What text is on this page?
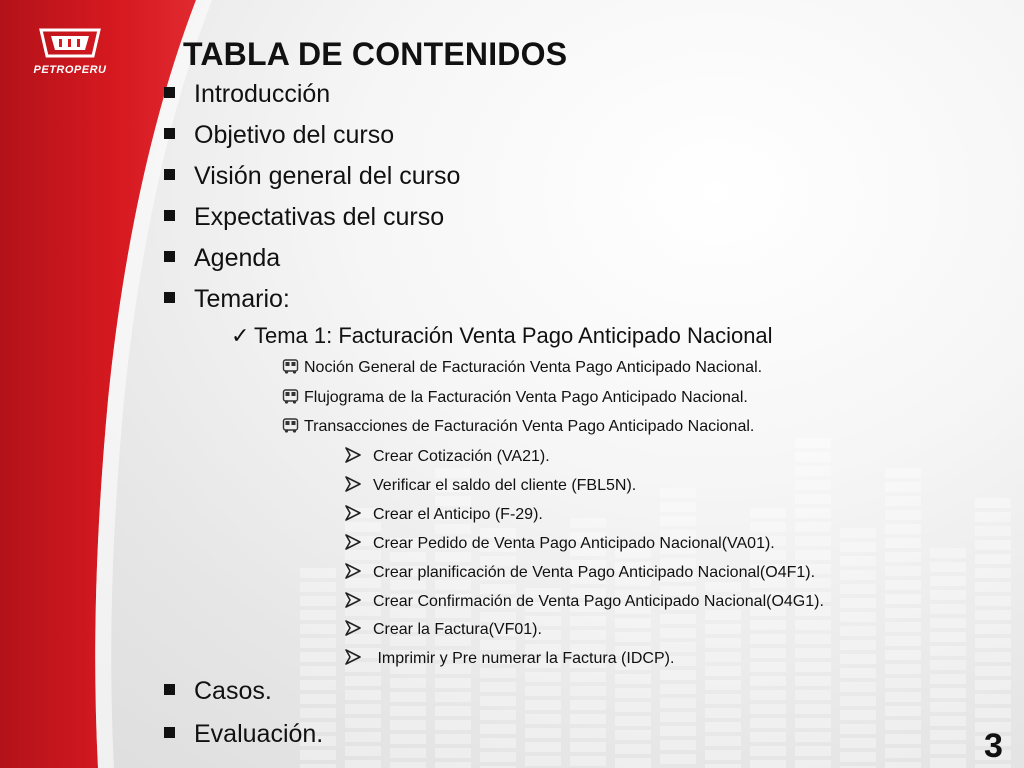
PETROPERU	TABLA DE CONTENIDOS
Introducción
Objetivo del curso
Visión general del curso
Expectativas del curso
Agenda
Temario:
✓ Tema 1: Facturación Venta Pago Anticipado Nacional
Noción General de Facturación Venta Pago Anticipado Nacional.
Flujograma de la Facturación Venta Pago Anticipado Nacional.
Transacciones de Facturación Venta Pago Anticipado Nacional.
Crear Cotización (VA21).
Verificar el saldo del cliente (FBL5N).
Crear el Anticipo (F-29).
Crear Pedido de Venta Pago Anticipado Nacional(VA01).
Crear planificación de Venta Pago Anticipado Nacional(O4F1).
Crear Confirmación de Venta Pago Anticipado Nacional(O4G1).
Crear la Factura(VF01).
Imprimir y Pre numerar la Factura (IDCP).
Casos.
Evaluación.	3
